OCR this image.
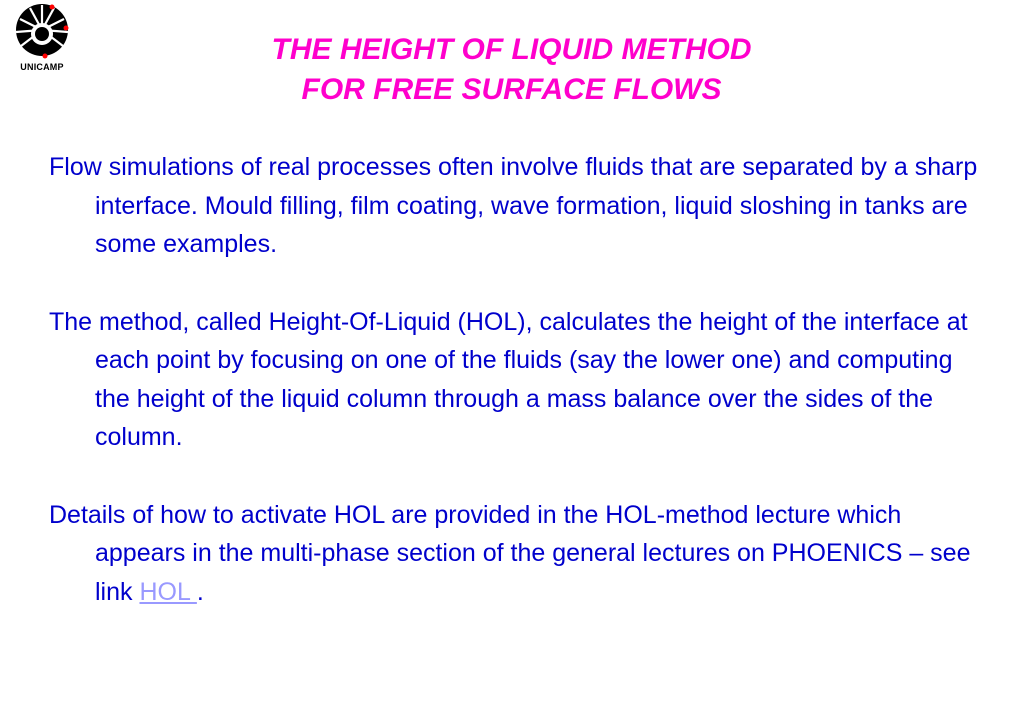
UNICAMP
THE HEIGHT OF LIQUID METHOD
FOR FREE SURFACE FLOWS

Flow simulations of real processes often involve fluids that are separated by a sharp interface. Mould filling, film coating, wave formation, liquid sloshing in tanks are some examples.

The method, called Height-Of-Liquid (HOL), calculates the height of the interface at each point by focusing on one of the fluids (say the lower one) and computing the height of the liquid column through a mass balance over the sides of the column.

Details of how to activate HOL are provided in the HOL-method lecture which appears in the multi-phase section of the general lectures on PHOENICS – see link HOL .
